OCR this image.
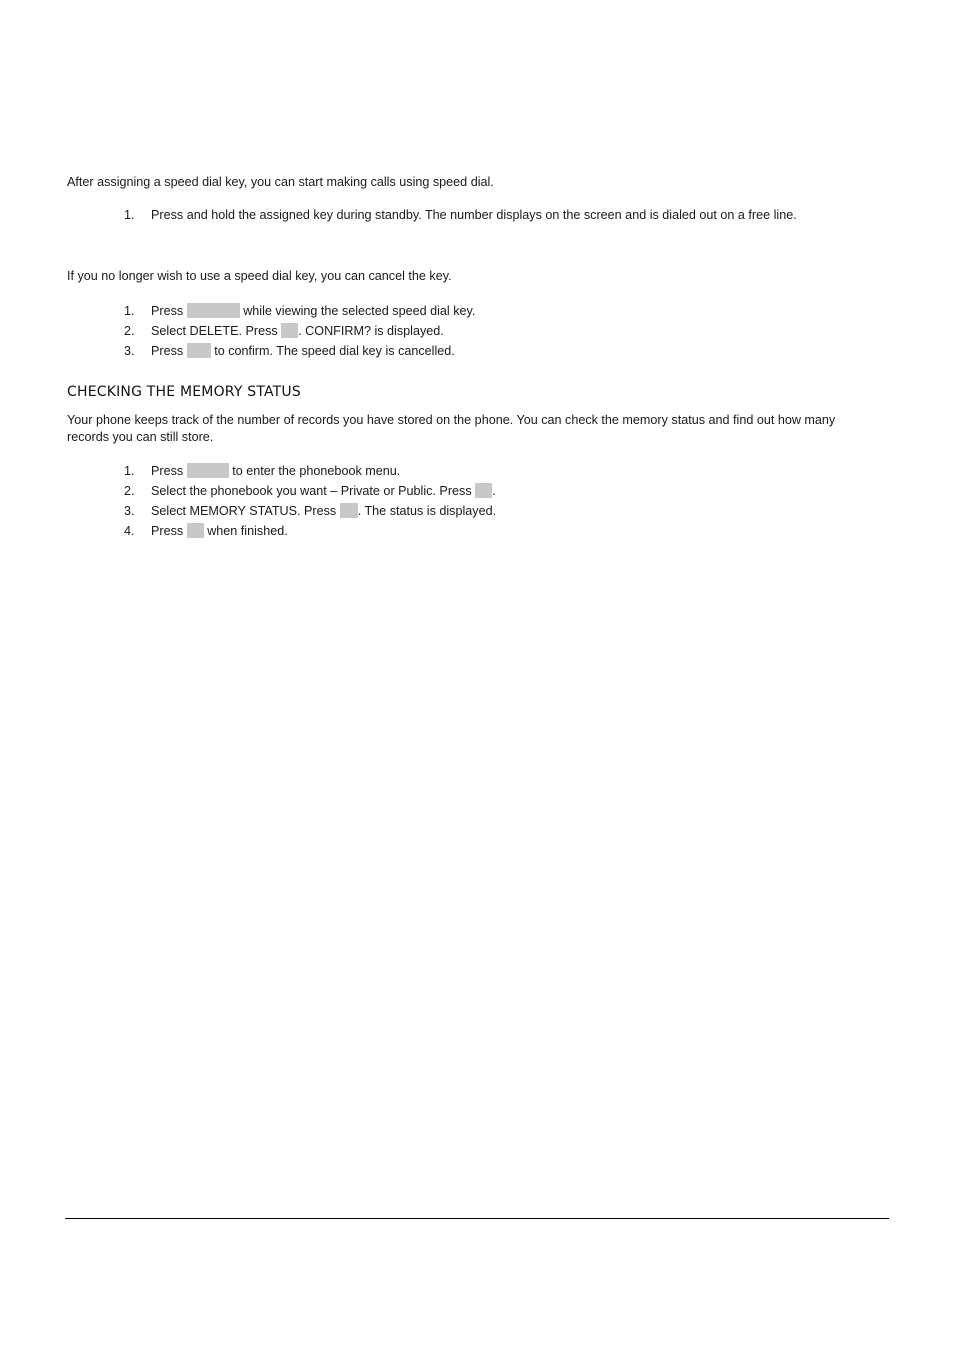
After assigning a speed dial key, you can start making calls using speed dial.
1. Press and hold the assigned key during standby. The number displays on the screen and is dialed out on a free line.
If you no longer wish to use a speed dial key, you can cancel the key.
1. Press	while viewing the selected speed dial key.
2. Select DELETE. Press . CONFIRM? is displayed.
3. Press to confirm. The speed dial key is cancelled.
CHECKING THE MEMORY STATUS
Your phone keeps track of the number of records you have stored on the phone. You can check the memory status and find out how many records you can still store.
1. Press	to enter the phonebook menu.
2. Select the phonebook you want – Private or Public. Press .
3. Select MEMORY STATUS. Press . The status is displayed.
4. Press when finished.
